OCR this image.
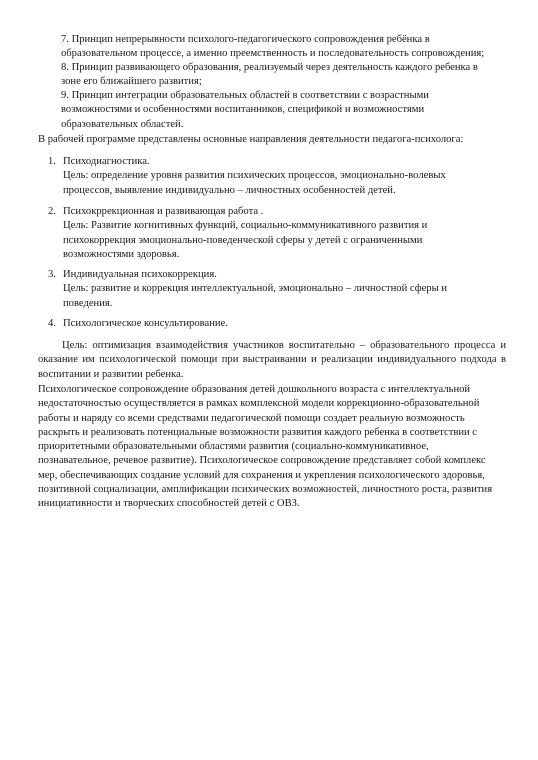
7. Принцип непрерывности психолого-педагогического сопровождения ребёнка в
образовательном процессе, а именно преемственность и последовательность сопровождения;
8. Принцип развивающего образования, реализуемый через деятельность каждого ребенка в
зоне его ближайшего развития;
9. Принцип интеграции образовательных областей в соответствии с возрастными
возможностями и особенностями воспитанников, спецификой и возможностями
образовательных областей.
В рабочей программе представлены основные направления деятельности педагога-психолога:
1. Психодиагностика.
Цель: определение уровня развития психических процессов, эмоционально-волевых
процессов, выявление индивидуально – личностных особенностей детей.
2. Психокррекционная и развивающая работа .
Цель: Развитие когнитивных функций, социально-коммуникативного развития и
психокоррекция эмоционально-поведенческой сферы у детей с ограниченными
возможностями здоровья.
3. Индивидуальная психокоррекция.
Цель: развитие и коррекция интеллектуальной, эмоционально – личностной сферы и
поведения.
4. Психологическое консультирование.
Цель: оптимизация взаимодействия участников воспитательно – образовательного процесса и
оказание им психологической помощи при выстраивании и реализации индивидуального подхода в
воспитании и развитии ребенка.
Психологическое сопровождение образования детей дошкольного возраста с интеллектуальной
недостаточностью осуществляется в рамках комплексной модели коррекционно-образовательной
работы и наряду со всеми средствами педагогической помощи создает реальную возможность
раскрыть и реализовать потенциальные возможности развития каждого ребенка в соответствии с
приоритетными образовательными областями развития (социально-коммуникативное,
познавательное, речевое развитие). Психологическое сопровождение представляет собой комплекс
мер, обеспечивающих создание условий для сохранения и укрепления психологического здоровья,
позитивной социализации, амплификации психических возможностей, личностного роста, развития
инициативности и творческих способностей детей с ОВЗ.
